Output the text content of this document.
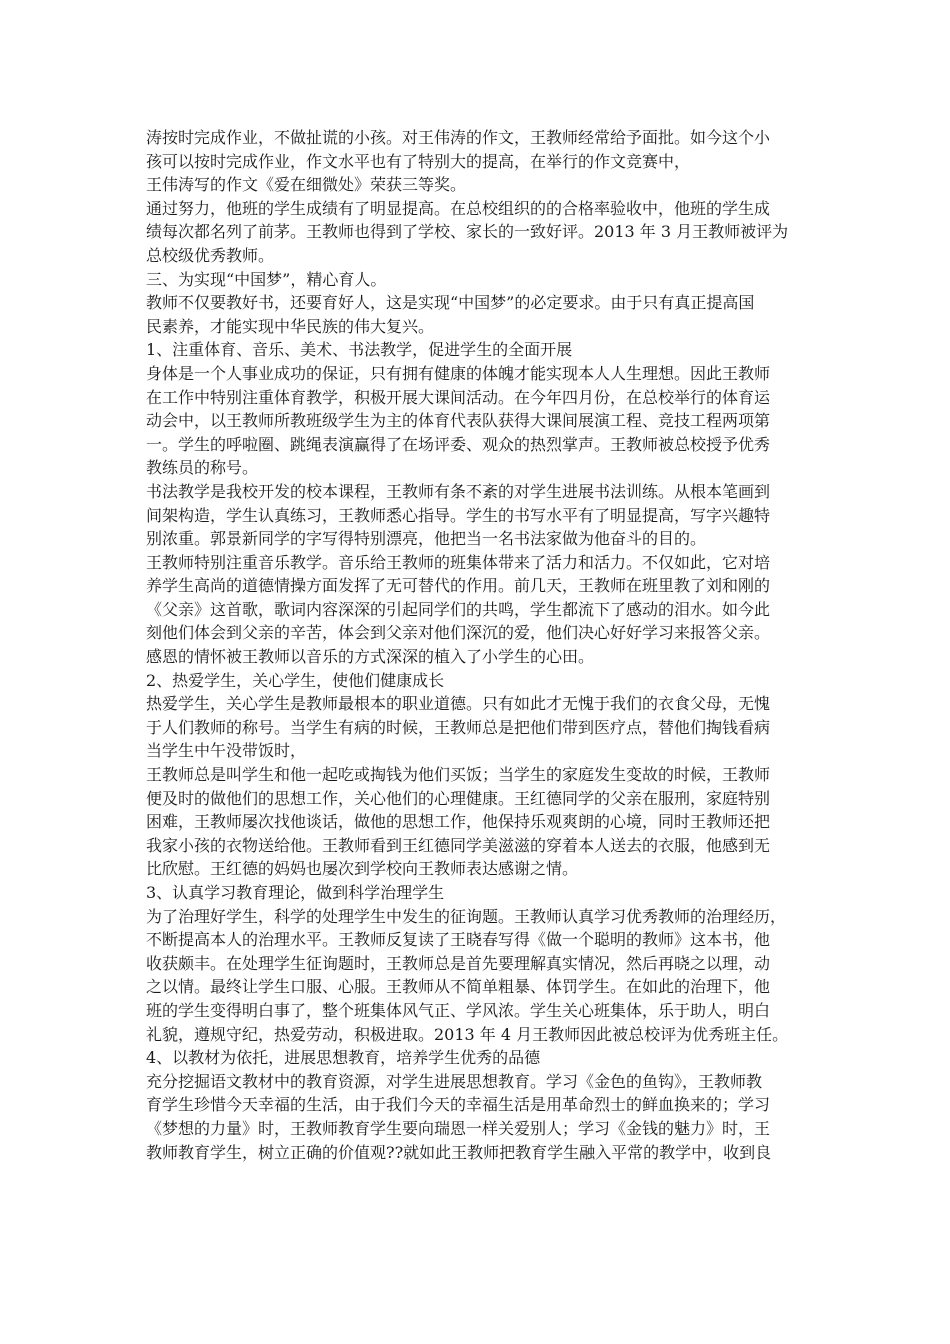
涛按时完成作业，不做扯谎的小孩。对王伟涛的作文，王教师经常给予面批。如今这个小
孩可以按时完成作业，作文水平也有了特别大的提高，在举行的作文竞赛中，
王伟涛写的作文《爱在细微处》荣获三等奖。
通过努力，他班的学生成绩有了明显提高。在总校组织的的合格率验收中，他班的学生成
绩每次都名列了前茅。王教师也得到了学校、家长的一致好评。2013 年 3 月王教师被评为
总校级优秀教师。
三、为实现“中国梦”，精心育人。
教师不仅要教好书，还要育好人，这是实现“中国梦”的必定要求。由于只有真正提高国
民素养，才能实现中华民族的伟大复兴。
1、注重体育、音乐、美术、书法教学，促进学生的全面开展
身体是一个人事业成功的保证，只有拥有健康的体魄才能实现本人人生理想。因此王教师
在工作中特别注重体育教学，积极开展大课间活动。在今年四月份，在总校举行的体育运
动会中，以王教师所教班级学生为主的体育代表队获得大课间展演工程、竞技工程两项第
一。学生的呼啦圈、跳绳表演赢得了在场评委、观众的热烈掌声。王教师被总校授予优秀
教练员的称号。
书法教学是我校开发的校本课程，王教师有条不紊的对学生进展书法训练。从根本笔画到
间架构造，学生认真练习，王教师悉心指导。学生的书写水平有了明显提高，写字兴趣特
别浓重。郭景新同学的字写得特别漂亮，他把当一名书法家做为他奋斗的目的。
王教师特别注重音乐教学。音乐给王教师的班集体带来了活力和活力。不仅如此，它对培
养学生高尚的道德情操方面发挥了无可替代的作用。前几天，王教师在班里教了刘和刚的
《父亲》这首歌，歌词内容深深的引起同学们的共鸣，学生都流下了感动的泪水。如今此
刻他们体会到父亲的辛苦，体会到父亲对他们深沉的爱，他们决心好好学习来报答父亲。
感恩的情怀被王教师以音乐的方式深深的植入了小学生的心田。
2、热爱学生，关心学生，使他们健康成长
热爱学生，关心学生是教师最根本的职业道德。只有如此才无愧于我们的衣食父母，无愧
于人们教师的称号。当学生有病的时候，王教师总是把他们带到医疗点，替他们掏钱看病
当学生中午没带饭时，
王教师总是叫学生和他一起吃或掏钱为他们买饭；当学生的家庭发生变故的时候，王教师
便及时的做他们的思想工作，关心他们的心理健康。王红德同学的父亲在服刑，家庭特别
困难，王教师屡次找他谈话，做他的思想工作，他保持乐观爽朗的心境，同时王教师还把
我家小孩的衣物送给他。王教师看到王红德同学美滋滋的穿着本人送去的衣服，他感到无
比欣慰。王红德的妈妈也屡次到学校向王教师表达感谢之情。
3、认真学习教育理论，做到科学治理学生
为了治理好学生，科学的处理学生中发生的征询题。王教师认真学习优秀教师的治理经历，
不断提高本人的治理水平。王教师反复读了王晓春写得《做一个聪明的教师》这本书，他
收获颇丰。在处理学生征询题时，王教师总是首先要理解真实情况，然后再晓之以理，动
之以情。最终让学生口服、心服。王教师从不简单粗暴、体罚学生。在如此的治理下，他
班的学生变得明白事了，整个班集体风气正、学风浓。学生关心班集体，乐于助人，明白
礼貌，遵规守纪，热爱劳动，积极进取。2013 年 4 月王教师因此被总校评为优秀班主任。
4、以教材为依托，进展思想教育，培养学生优秀的品德
充分挖掘语文教材中的教育资源，对学生进展思想教育。学习《金色的鱼钩》，王教师教
育学生珍惜今天幸福的生活，由于我们今天的幸福生活是用革命烈士的鲜血换来的；学习
《梦想的力量》时，王教师教育学生要向瑞恩一样关爱别人；学习《金钱的魅力》时，王
教师教育学生，树立正确的价值观??就如此王教师把教育学生融入平常的教学中，收到良
